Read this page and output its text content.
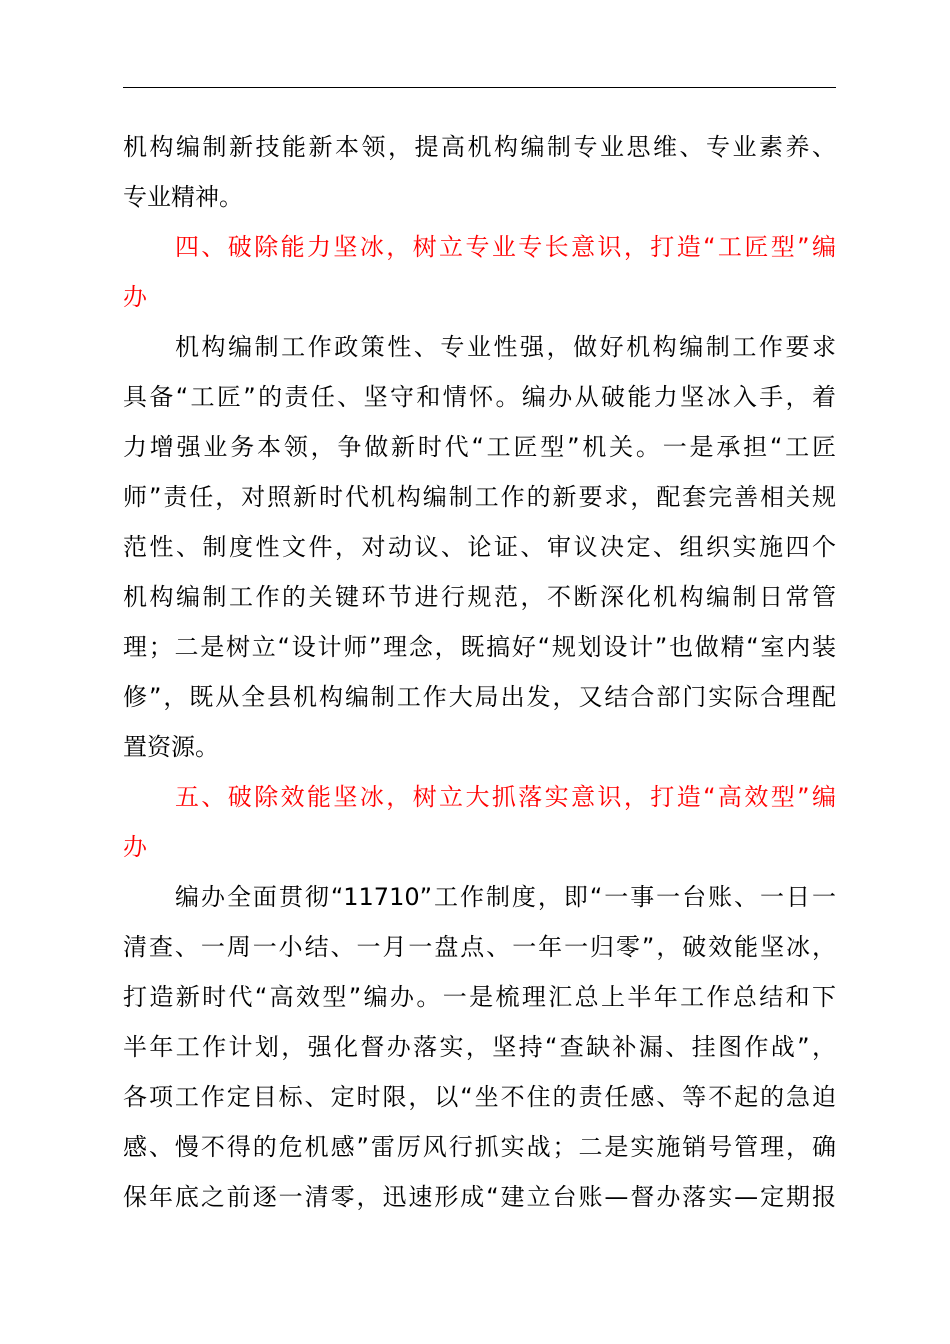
机构编制新技能新本领，提高机构编制专业思维、专业素养、
专业精神。
四、破除能力坚冰，树立专业专长意识，打造“工匠型”编
办
机构编制工作政策性、专业性强，做好机构编制工作要求
具备“工匠”的责任、坚守和情怀。编办从破能力坚冰入手，着
力增强业务本领，争做新时代“工匠型”机关。一是承担“工匠
师”责任，对照新时代机构编制工作的新要求，配套完善相关规
范性、制度性文件，对动议、论证、审议决定、组织实施四个
机构编制工作的关键环节进行规范，不断深化机构编制日常管
理；二是树立“设计师”理念，既搞好“规划设计”也做精“室内装
修”，既从全县机构编制工作大局出发，又结合部门实际合理配
置资源。
五、破除效能坚冰，树立大抓落实意识，打造“高效型”编
办
编办全面贯彻“11710”工作制度，即“一事一台账、一日一
清查、一周一小结、一月一盘点、一年一归零”，破效能坚冰，
打造新时代“高效型”编办。一是梳理汇总上半年工作总结和下
半年工作计划，强化督办落实，坚持“查缺补漏、挂图作战”，
各项工作定目标、定时限，以“坐不住的责任感、等不起的急迫
感、慢不得的危机感”雷厉风行抓实战；二是实施销号管理，确
保年底之前逐一清零，迅速形成“建立台账—督办落实—定期报
